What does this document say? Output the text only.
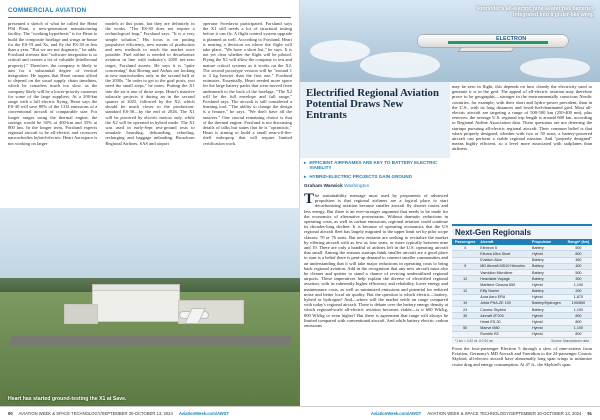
COMMERCIAL AVIATION

presented a sketch of what he called the Heart P0d Plant, a new-generation manufacturing facility. The "working hypothesis" is for Heart to build the composite fuselage and wings in-house for the ES-19 and Xs, and fly the ES-30 in less than a year. "But we are not dogmatic," he adds. Forslund stresses that "software integration is so critical and creates a lot of valuable [intellectual property]." Therefore, the company is likely to aim for a substantial degree of vertical integration. He argues that Heart cannot afford to depend on the usual supply chain timelines, which he considers much too slow, as the company likely will be a lower-priority customer for some of the large suppliers. At a 200-km range with a full electric flying, Heart says the ES-30 will save 80% of the CO2 emissions of a conventional aircraft of comparable size. For longer ranges using the thermal engine, the savings would be 50% at 400-km and 35% at 800 km. In the longer term, Forslund expects regional aircraft to be all-electric and crossover narrowbodies hybrid-electric. Heart Aerospace is not working on larger

models at this point, but they are definitely in the works. "The ES-30 does not require a technological leap," Forslund says. "It is a very simple solution." His focus is on putting propulsive efficiency, new means of production and new methods to reach the market once possible. Fuel airline is needed to decarbonize aviation in line with industry's 2050 net-zero target, Forslund asserts. He says it is "quite concerning" that Boeing and Airbus are looking at new narrowbodies only in the second half of the 2030s. "In order to get to the goal posts, you need the small steps," he notes. Putting the X1 into the air is one of those steps. Heart's massive subscale projects it during an in the second quarter of 2025, followed by the X2, which should be much closer to the production-standard ES-30—by the end of 2026. The X1 will be powered by electric motors only, while the X2 will be operated in hybrid mode. The X1 was used in early-Sept test-ground tests to simulate boarding, deboarding, refueling, recharging and baggage unloading. Broadcom Regional Airlines, SAS and airport

operator Swedavia participated. Forslund says the X1 still needs a lot of structural testing before it can fly. A flight control system upgrade is planned as well. According to Forslund, Heart is nearing a decision on where the flight will take place. "We have a short list," he says. It is not yet clear whether the flight will be piloted. Flying the X1 will allow the company to test and mature critical systems as it works on the X2. The second prototype version will be "around 1 to 3 kg heavier than the first one," Forslund estimates. Essentially, Heart needed more space for the large battery packs that were moved from underneath to the back of the fuselage. "The X2 will be the full envelope and full range," Forslund says. The aircraft is still considered a learning tool. "The ability to change the design is a feature," he says. "We don't have all the answers." One crucial remaining choice is that of the thermal engine. Forslund is not discussing details of talks but states that he is "optimistic." Heart is aiming to build a small near-off-the-shelf turboprop that will require limited certification work.

Heart has started ground-testing the X1 at Save.
90 AVIATION WEEK & SPACE TECHNOLOGY/SEPTEMBER 30-OCTOBER 13, 2024 AviationWeek.com/AWST
ELECTRON
Voorstder's all-electric nine-seater has batteries integrated into a glider-like wing.
Electrified Regional Aviation Potential Draws New Entrants
▸ EFFICIENT AIRFRAMES ARE KEY TO BATTERY ELECTRIC VIABILITY
▸ HYBRID-ELECTRIC PROJECTS GAIN GROUND
Graham Warwick Washington
T he sustainability message must used by proponents of advanced propulsion is that regional airliners are a logical place to start decarbonizing aviation because smaller aircraft fly shorter routes and less energy. But there is an ever-stronger argument that needs to be made for the economics of alternative powertrains. Without dramatic reductions in operating costs, as well as carbon emissions, regional aviation could continue its decades-long decline. It is because of operating economics that the US regional aircraft fleet has largely migrated to the upper limit set by pilot scope clauses: 70 or 76 seats. But new entrants are seeking to revitalize the market by offering aircraft with as few as four seats, or more typically between nine and 19. There are only a handful of airlines left in the U.S. operating aircraft that small. Among the reasons startups think smaller aircraft are a good place to start is a belief there is pent-up demand to connect smaller communities and an understanding that it will take major reductions in operating costs to bring back regional aviation. Add in the recognition that any new aircraft must also be cleaner and quieter to stand a chance of reviving underutilized regional airports. These imperatives help explain the diverse of electrified regional aviation, with its inherently higher efficiency and reliability, lower energy and maintenance costs, as well as minimized emissions and potential for reduced noise and better local air quality. But the question is which electric—battery, hybrid or hydrogen? And—where will the market settle on range compared with today's regional aircraft. There is debate over the battery energy density at which regional-scale all-electric aviation becomes viable—is it 600 Wh/kg, 800 Wh/kg or even higher? But there is agreement that range will always be limited compared with conventional aircraft. And while battery electric carbon emissions
may be zero in flight, this depends on how cleanly the electricity used to generate it is in the grid. The appeal of all-electric aviation may therefore prove to be geographic—stronger in the environmentally conscious Nordic countries, for example, with their short and hydro-power prevalent, than in the U.S., with its long distances and fossil-fuel-dominated grid. Most all-electric aircraft are targeting a range of 500-500 km (250-400 nm), plus reserves; the average U.S. regional trip length is around 600 km, according to Regional Airline Association data. These questions are not deterring the startups pursuing all-electric regional aircraft. Their common belief is that when properly designed, whether with two or 50 seats, a battery-powered aircraft can perform a viable regional mission. And "properly designed" means highly efficient, so a level more associated with sailplanes than airliners.
Next-Gen Regionals
Passengers	Aircraft	Propulsion	Range* (km)
4	Electron 5	Battery	500
	Electra Ultra Short	Hybrid	800
	Eviation Alice	Battery	460
9	MD Aircraft MD10 Hercules	Battery	400
	Vaeridion Microliner	Battery	500
12	Heaviside Voyage	Battery	300
	Maritime Cessna 650	Hybrid	1,100
12	Elfly Noemi	Battery	200
	Aura Aero ERA	Hybrid	1,670
19	Jekta PHA-ZE 100	Battery/Hydrogen	190/850
24	Cosmic Skybird	Battery	1,100
30	Aircraft ZF200	Hybrid	800
	Heart ES-30	Hybrid	800
50	Maeve M80	Hybrid	1,100
	Rumble R2	Hybrid	800
*1 km = 0.62 mi. A 0.54 nm	Source: Manufacturer data
From the four-passenger Electron 5 through a slew of nine-seaters from Eviation, Germany's MD Aircraft and Vaeridion to the 24-passenger Cosmic Skybird, all-electric aircraft have abnormally long span wings to minimize cruise drag and energy consumption. At 47 ft., the Skybird's span
AviationWeek.com/AWST AVIATION WEEK & SPACE TECHNOLOGY/SEPTEMBER 30-OCTOBER 13, 2024 91
